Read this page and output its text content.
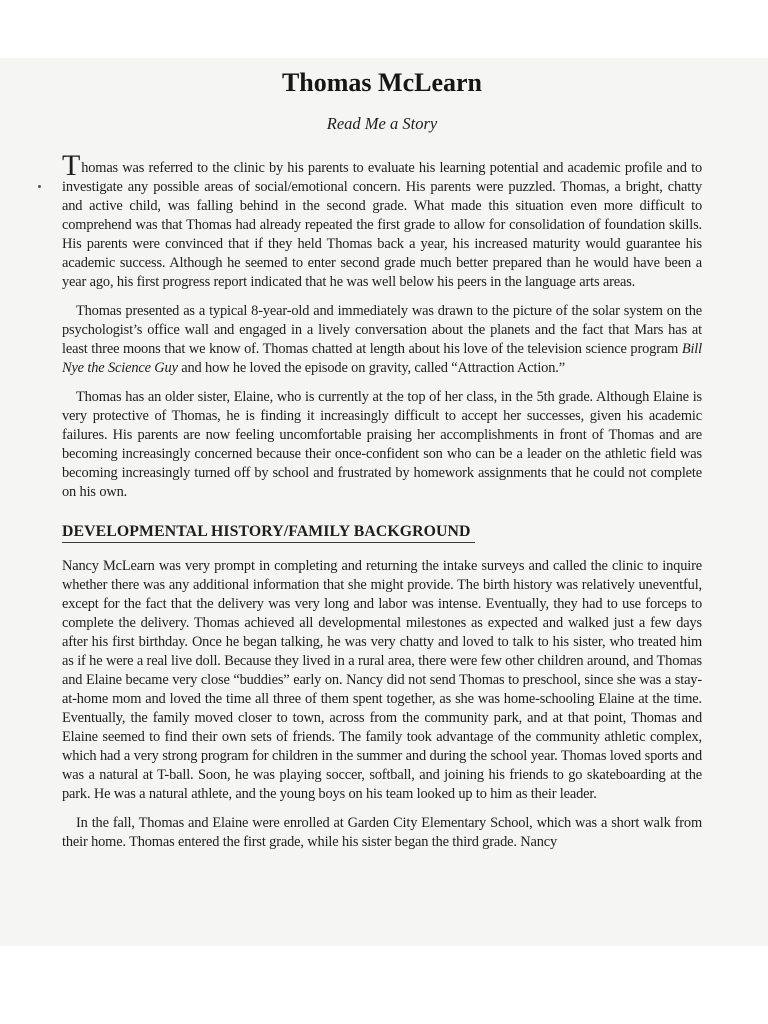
Thomas McLearn
Read Me a Story

Thomas was referred to the clinic by his parents to evaluate his learning potential and academic profile and to investigate any possible areas of social/emotional concern. His parents were puzzled. Thomas, a bright, chatty and active child, was falling behind in the second grade. What made this situation even more difficult to comprehend was that Thomas had already repeated the first grade to allow for consolidation of foundation skills. His parents were convinced that if they held Thomas back a year, his increased maturity would guarantee his academic success. Although he seemed to enter second grade much better prepared than he would have been a year ago, his first progress report indicated that he was well below his peers in the language arts areas.

Thomas presented as a typical 8-year-old and immediately was drawn to the picture of the solar system on the psychologist’s office wall and engaged in a lively conversation about the planets and the fact that Mars has at least three moons that we know of. Thomas chatted at length about his love of the television science program Bill Nye the Science Guy and how he loved the episode on gravity, called “Attraction Action.”

Thomas has an older sister, Elaine, who is currently at the top of her class, in the 5th grade. Although Elaine is very protective of Thomas, he is finding it increasingly difficult to accept her successes, given his academic failures. His parents are now feeling uncomfortable praising her accomplishments in front of Thomas and are becoming increasingly concerned because their once-confident son who can be a leader on the athletic field was becoming increasingly turned off by school and frustrated by homework assignments that he could not complete on his own.

DEVELOPMENTAL HISTORY/FAMILY BACKGROUND

Nancy McLearn was very prompt in completing and returning the intake surveys and called the clinic to inquire whether there was any additional information that she might provide. The birth history was relatively uneventful, except for the fact that the delivery was very long and labor was intense. Eventually, they had to use forceps to complete the delivery. Thomas achieved all developmental milestones as expected and walked just a few days after his first birthday. Once he began talking, he was very chatty and loved to talk to his sister, who treated him as if he were a real live doll. Because they lived in a rural area, there were few other children around, and Thomas and Elaine became very close “buddies” early on. Nancy did not send Thomas to preschool, since she was a stay-at-home mom and loved the time all three of them spent together, as she was home-schooling Elaine at the time. Eventually, the family moved closer to town, across from the community park, and at that point, Thomas and Elaine seemed to find their own sets of friends. The family took advantage of the community athletic complex, which had a very strong program for children in the summer and during the school year. Thomas loved sports and was a natural at T-ball. Soon, he was playing soccer, softball, and joining his friends to go skateboarding at the park. He was a natural athlete, and the young boys on his team looked up to him as their leader.

In the fall, Thomas and Elaine were enrolled at Garden City Elementary School, which was a short walk from their home. Thomas entered the first grade, while his sister began the third grade. Nancy
